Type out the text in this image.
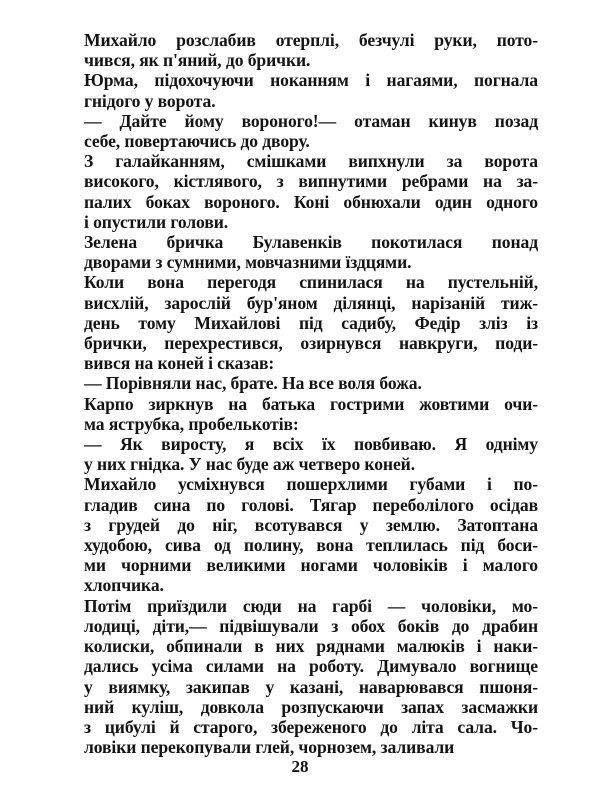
Михайло розслабив отерплі, безчулі руки, пото-
чився, як п'яний, до брички.
Юрма, підохочуючи ноканням і нагаями, погнала
гнідого у ворота.
— Дайте йому вороного!— отаман кинув позад
себе, повертаючись до двору.
З галайканням, смішками випхнули за ворота
високого, кістлявого, з випнутими ребрами на за-
палих боках вороного. Коні обнюхали один одного
і опустили голови.
Зелена бричка Булавенків покотилася понад
дворами з сумними, мовчазними їздцями.
Коли вона перегодя спинилася на пустельній,
висхлій, зарослій бур'яном ділянці, нарізаній тиж-
день тому Михайлові під садибу, Федір зліз із
брички, перехрестився, озирнувся навкруги, поди-
вився на коней і сказав:
— Порівняли нас, брате. На все воля божа.
Карпо зиркнув на батька гострими жовтими очи-
ма яструбка, пробелькотів:
— Як виросту, я всіх їх повбиваю. Я одніму
у них гнідка. У нас буде аж четверо коней.
Михайло усміхнувся пошерхлими губами і по-
гладив сина по голові. Тягар переболілого осідав
з грудей до ніг, всотувався у землю. Затоптана
худобою, сива од полину, вона теплилась під боси-
ми чорними великими ногами чоловіків і малого
хлопчика.
Потім приїздили сюди на гарбі — чоловіки, мо-
лодиці, діти,— підвішували з обох боків до драбин
колиски, обпинали в них ряднами малюків і наки-
дались усіма силами на роботу. Димувало вогнище
у виямку, закипав у казані, наварювався пшоня-
ний куліш, довкола розпускаючи запах засмажки
з цибулі й старого, збереженого до літа сала. Чо-
ловіки перекопували глей, чорнозем, заливали
28
